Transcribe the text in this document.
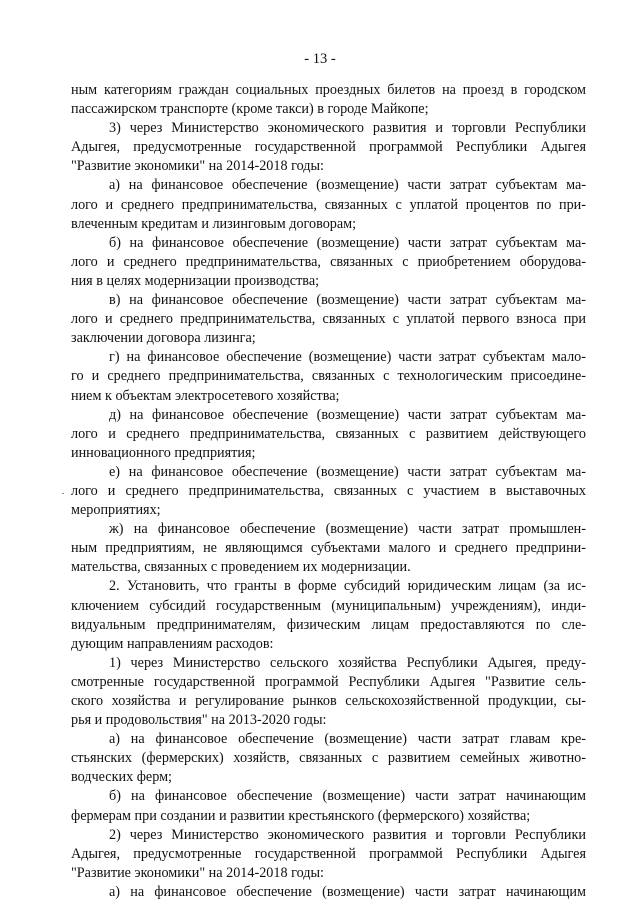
- 13 -
ным категориям граждан социальных проездных билетов на проезд в городском
пассажирском транспорте (кроме такси) в городе Майкопе;
3) через Министерство экономического развития и торговли Республики
Адыгея, предусмотренные государственной программой Республики Адыгея
"Развитие экономики" на 2014-2018 годы:
а) на финансовое обеспечение (возмещение) части затрат субъектам ма-
лого и среднего предпринимательства, связанных с уплатой процентов по при-
влеченным кредитам и лизинговым договорам;
б) на финансовое обеспечение (возмещение) части затрат субъектам ма-
лого и среднего предпринимательства, связанных с приобретением оборудова-
ния в целях модернизации производства;
в) на финансовое обеспечение (возмещение) части затрат субъектам ма-
лого и среднего предпринимательства, связанных с уплатой первого взноса при
заключении договора лизинга;
г) на финансовое обеспечение (возмещение) части затрат субъектам мало-
го и среднего предпринимательства, связанных с технологическим присоедине-
нием к объектам электросетевого хозяйства;
д) на финансовое обеспечение (возмещение) части затрат субъектам ма-
лого и среднего предпринимательства, связанных с развитием действующего
инновационного предприятия;
е) на финансовое обеспечение (возмещение) части затрат субъектам ма-
лого и среднего предпринимательства, связанных с участием в выставочных
мероприятиях;
ж) на финансовое обеспечение (возмещение) части затрат промышлен-
ным предприятиям, не являющимся субъектами малого и среднего предприни-
мательства, связанных с проведением их модернизации.
2. Установить, что гранты в форме субсидий юридическим лицам (за ис-
ключением субсидий государственным (муниципальным) учреждениям), инди-
видуальным предпринимателям, физическим лицам предоставляются по сле-
дующим направлениям расходов:
1) через Министерство сельского хозяйства Республики Адыгея, преду-
смотренные государственной программой Республики Адыгея "Развитие сель-
ского хозяйства и регулирование рынков сельскохозяйственной продукции, сы-
рья и продовольствия" на 2013-2020 годы:
а) на финансовое обеспечение (возмещение) части затрат главам кре-
стьянских (фермерских) хозяйств, связанных с развитием семейных животно-
водческих ферм;
б) на финансовое обеспечение (возмещение) части затрат начинающим
фермерам при создании и развитии крестьянского (фермерского) хозяйства;
2) через Министерство экономического развития и торговли Республики
Адыгея, предусмотренные государственной программой Республики Адыгея
"Развитие экономики" на 2014-2018 годы:
а) на финансовое обеспечение (возмещение) части затрат начинающим
